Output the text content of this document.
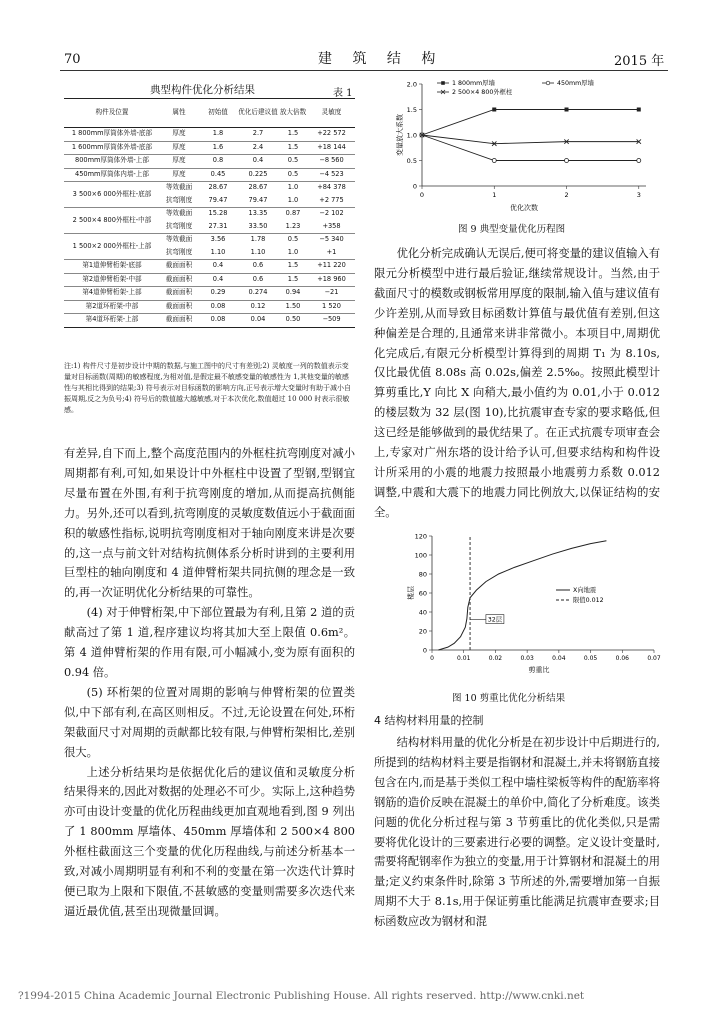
70	建 筑 结 构	2015 年
典型构件优化分析结果	表 1
构件及位置	属性	初始值	优化后建议值	放大倍数	灵敏度
1 800mm厚筒体外墙-底部	厚度	1.8	2.7	1.5	+22 572
1 600mm厚筒体外墙-底部	厚度	1.6	2.4	1.5	+18 144
800mm厚筒体外墙-上部	厚度	0.8	0.4	0.5	−8 560
450mm厚筒体内墙-上部	厚度	0.45	0.225	0.5	−4 523
3 500×6 000外框柱-底部	等效截面	28.67	28.67	1.0	+84 378
	抗弯刚度	79.47	79.47	1.0	+2 775
2 500×4 800外框柱-中部	等效截面	15.28	13.35	0.87	−2 102
	抗弯刚度	27.31	33.50	1.23	+358
1 500×2 000外框柱-上部	等效截面	3.56	1.78	0.5	−5 340
	抗弯刚度	1.10	1.10	1.0	+1
第1道伸臂桁架-底部	截面面积	0.4	0.6	1.5	+11 220
第2道伸臂桁架-中部	截面面积	0.4	0.6	1.5	+18 960
第4道伸臂桁架-上部	截面面积	0.29	0.274	0.94	−21
第2道环桁架-中部	截面面积	0.08	0.12	1.50	1 520
第4道环桁架-上部	截面面积	0.08	0.04	0.50	−509
注:1) 构件尺寸是初步设计中期的数据,与施工图中的尺寸有差别;2) 灵敏度一列的数值表示变量对目标函数(周期)的敏感程度,为相对值,是假定最不敏感变量的敏感性为 1,其他变量的敏感性与其相比得到的结果;3) 符号表示对目标函数的影响方向,正号表示增大变量时有助于减小自振周期,反之为负号;4) 符号后的数值越大越敏感,对于本次优化,数值超过 10 000 时表示很敏感。
有差异,自下而上,整个高度范围内的外框柱抗弯刚度对减小周期都有利,可知,如果设计中外框柱中设置了型钢,型钢宜尽量布置在外围,有利于抗弯刚度的增加,从而提高抗侧能力。另外,还可以看到,抗弯刚度的灵敏度数值远小于截面面积的敏感性指标,说明抗弯刚度相对于轴向刚度来讲是次要的,这一点与前文针对结构抗侧体系分析时讲到的主要利用巨型柱的轴向刚度和 4 道伸臂桁架共同抗侧的理念是一致的,再一次证明优化分析结果的可靠性。
(4) 对于伸臂桁架,中下部位置最为有利,且第 2 道的贡献高过了第 1 道,程序建议均将其加大至上限值 0.6m²。第 4 道伸臂桁架的作用有限,可小幅减小,变为原有面积的 0.94 倍。
(5) 环桁架的位置对周期的影响与伸臂桁架的位置类似,中下部有利,在高区则相反。不过,无论设置在何处,环桁架截面尺寸对周期的贡献都比较有限,与伸臂桁架相比,差别很大。
上述分析结果均是依据优化后的建议值和灵敏度分析结果得来的,因此对数据的处理必不可少。实际上,这种趋势亦可由设计变量的优化历程曲线更加直观地看到,图 9 列出了 1 800mm 厚墙体、450mm 厚墙体和 2 500×4 800 外框柱截面这三个变量的优化历程曲线,与前述分析基本一致,对减小周期明显有利和不利的变量在第一次迭代计算时便已取为上限和下限值,不甚敏感的变量则需要多次迭代来逼近最优值,甚至出现微量回调。
0
0.5
1.0
1.5
2.0
0	1	2	3
优化次数
变量放大系数
1 800mm厚墙	450mm厚墙
2 500×4 800外框柱
图 9 典型变量优化历程图
优化分析完成确认无误后,便可将变量的建议值输入有限元分析模型中进行最后验证,继续常规设计。当然,由于截面尺寸的模数或钢板常用厚度的限制,输入值与建议值有少许差别,从而导致目标函数计算值与最优值有差别,但这种偏差是合理的,且通常来讲非常微小。本项目中,周期优化完成后,有限元分析模型计算得到的周期 T₁ 为 8.10s,仅比最优值 8.08s 高 0.02s,偏差 2.5‰。按照此模型计算剪重比,Y 向比 X 向稍大,最小值约为 0.01,小于 0.012 的楼层数为 32 层(图 10),比抗震审查专家的要求略低,但这已经是能够做到的最优结果了。在正式抗震专项审查会上,专家对广州东塔的设计给予认可,但要求结构和构件设计所采用的小震的地震力按照最小地震剪力系数 0.012 调整,中震和大震下的地震力同比例放大,以保证结构的安全。
0
20
40
60
80
100
120
0	0.01	0.02	0.03	0.04	0.05	0.06	0.07
剪重比
楼层
32层
X向地震
限值0.012
图 10 剪重比优化分析结果
4 结构材料用量的控制
结构材料用量的优化分析是在初步设计中后期进行的,所提到的结构材料主要是指钢材和混凝土,并未将钢筋直接包含在内,而是基于类似工程中墙柱梁板等构件的配筋率将钢筋的造价反映在混凝土的单价中,简化了分析难度。该类问题的优化分析过程与第 3 节剪重比的优化类似,只是需要将优化设计的三要素进行必要的调整。定义设计变量时,需要将配钢率作为独立的变量,用于计算钢材和混凝土的用量;定义约束条件时,除第 3 节所述的外,需要增加第一自振周期不大于 8.1s,用于保证剪重比能满足抗震审查要求;目标函数应改为钢材和混
?1994-2015 China Academic Journal Electronic Publishing House. All rights reserved. http://www.cnki.net
